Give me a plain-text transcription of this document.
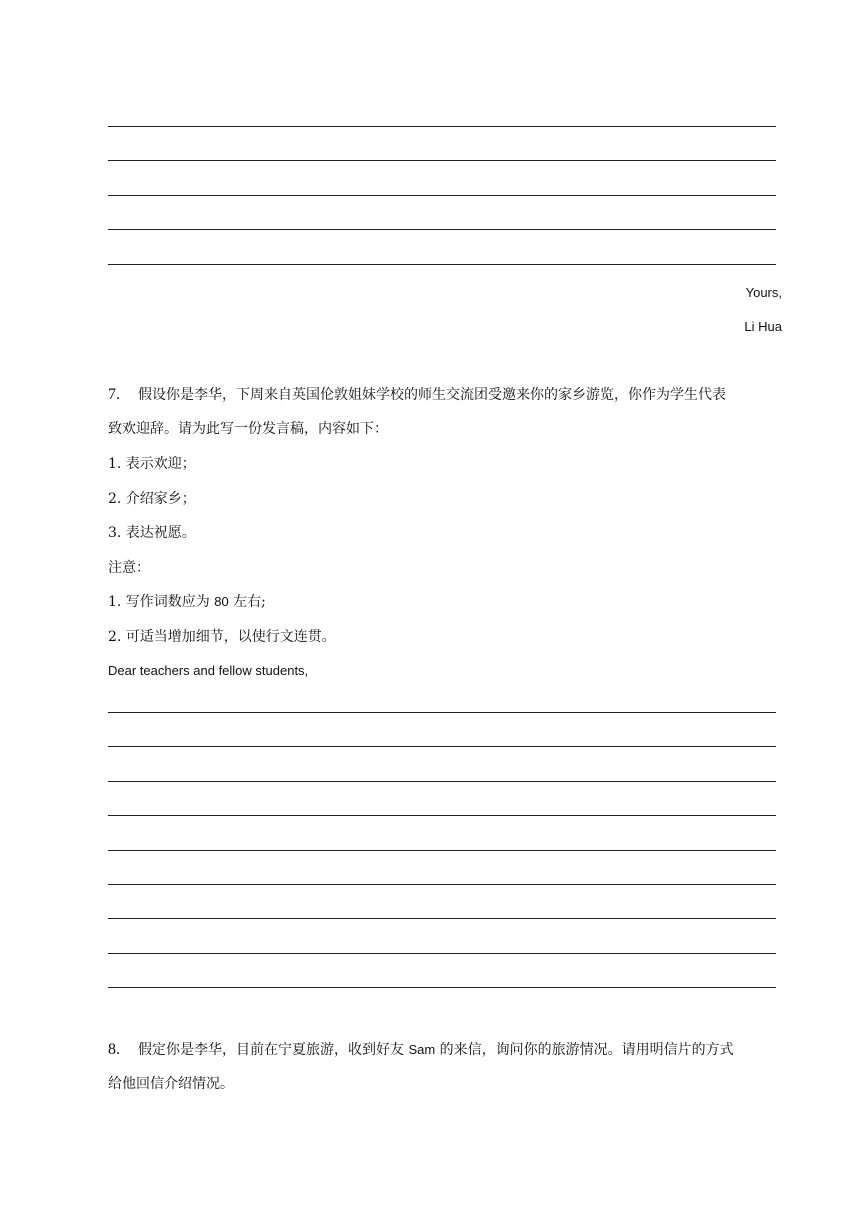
Yours,
Li Hua
7. 假设你是李华，下周来自英国伦敦姐妹学校的师生交流团受邀来你的家乡游览，你作为学生代表
致欢迎辞。请为此写一份发言稿，内容如下：
1. 表示欢迎；
2. 介绍家乡；
3. 表达祝愿。
注意：
1. 写作词数应为 80 左右;
2. 可适当增加细节，以使行文连贯。
Dear teachers and fellow students,
8. 假定你是李华，目前在宁夏旅游，收到好友 Sam 的来信，询问你的旅游情况。请用明信片的方式
给他回信介绍情况。
